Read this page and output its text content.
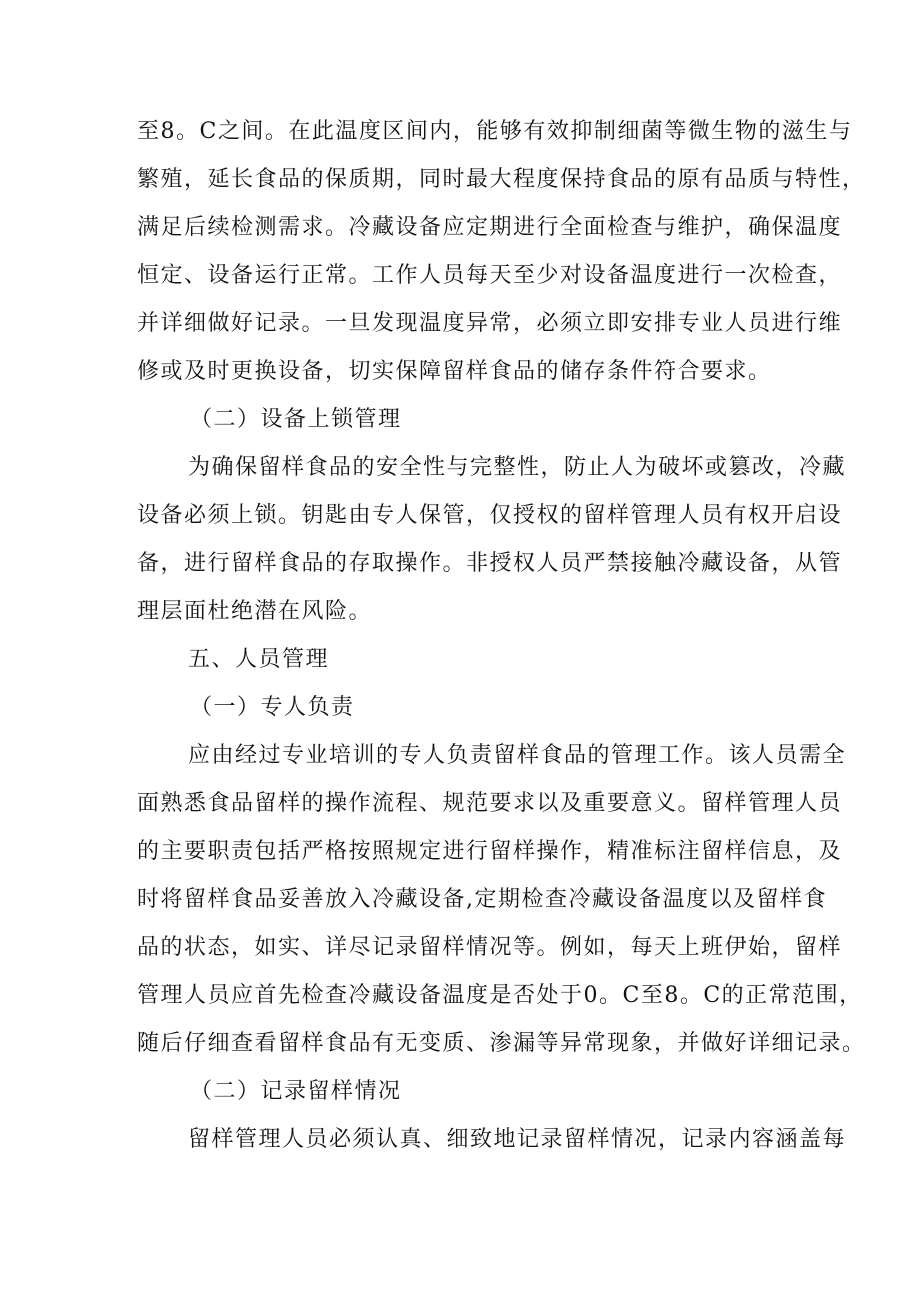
至8。C之间。在此温度区间内，能够有效抑制细菌等微生物的滋生与
繁殖，延长食品的保质期，同时最大程度保持食品的原有品质与特性，
满足后续检测需求。冷藏设备应定期进行全面检查与维护，确保温度
恒定、设备运行正常。工作人员每天至少对设备温度进行一次检查，
并详细做好记录。一旦发现温度异常，必须立即安排专业人员进行维
修或及时更换设备，切实保障留样食品的储存条件符合要求。
（二）设备上锁管理
为确保留样食品的安全性与完整性，防止人为破坏或篡改，冷藏
设备必须上锁。钥匙由专人保管，仅授权的留样管理人员有权开启设
备，进行留样食品的存取操作。非授权人员严禁接触冷藏设备，从管
理层面杜绝潜在风险。
五、人员管理
（一）专人负责
应由经过专业培训的专人负责留样食品的管理工作。该人员需全
面熟悉食品留样的操作流程、规范要求以及重要意义。留样管理人员
的主要职责包括严格按照规定进行留样操作，精准标注留样信息，及
时将留样食品妥善放入冷藏设备,定期检查冷藏设备温度以及留样食
品的状态，如实、详尽记录留样情况等。例如，每天上班伊始，留样
管理人员应首先检查冷藏设备温度是否处于0。C至8。C的正常范围，
随后仔细查看留样食品有无变质、渗漏等异常现象，并做好详细记录。
（二）记录留样情况
留样管理人员必须认真、细致地记录留样情况，记录内容涵盖每
